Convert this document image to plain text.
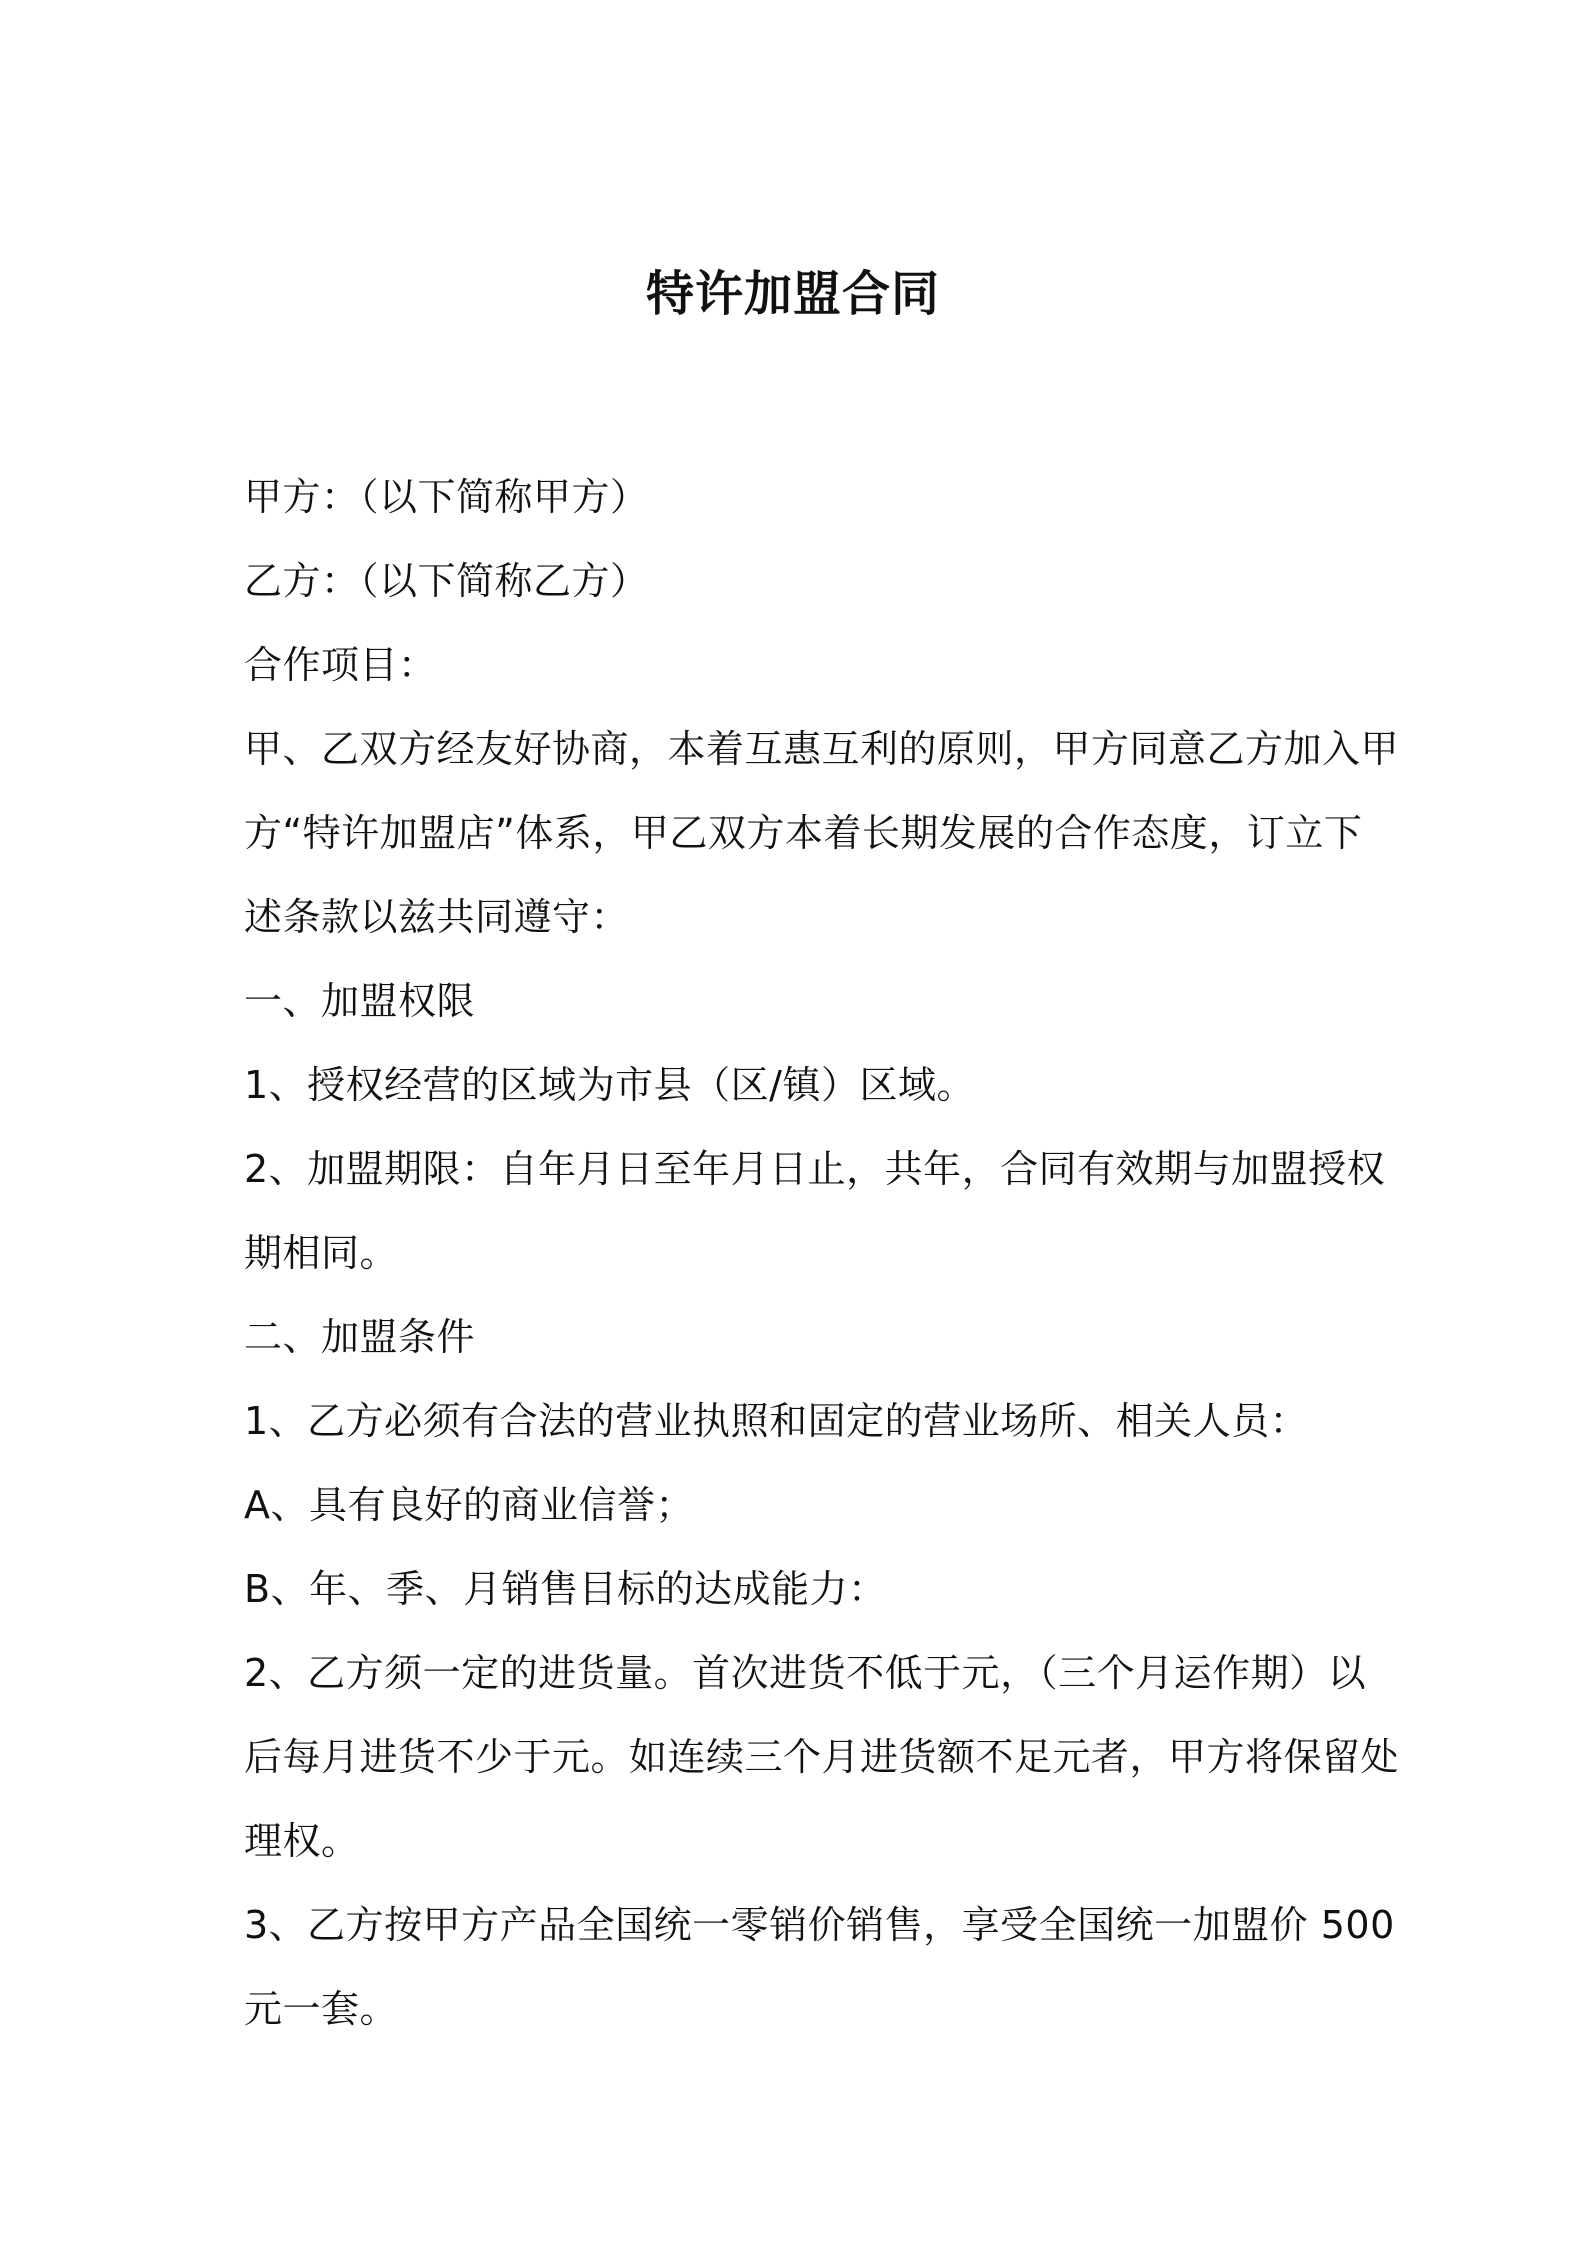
特许加盟合同

甲方：（以下简称甲方）

乙方：（以下简称乙方）

合作项目：

甲、乙双方经友好协商，本着互惠互利的原则，甲方同意乙方加入甲

方“特许加盟店”体系，甲乙双方本着长期发展的合作态度，订立下

述条款以兹共同遵守：

一、加盟权限

1、授权经营的区域为市县（区/镇）区域。

2、加盟期限：自年月日至年月日止，共年，合同有效期与加盟授权

期相同。

二、加盟条件

1、乙方必须有合法的营业执照和固定的营业场所、相关人员：

A、具有良好的商业信誉；

B、年、季、月销售目标的达成能力：

2、乙方须一定的进货量。首次进货不低于元，（三个月运作期）以

后每月进货不少于元。如连续三个月进货额不足元者，甲方将保留处

理权。

3、乙方按甲方产品全国统一零销价销售，享受全国统一加盟价 500

元一套。
